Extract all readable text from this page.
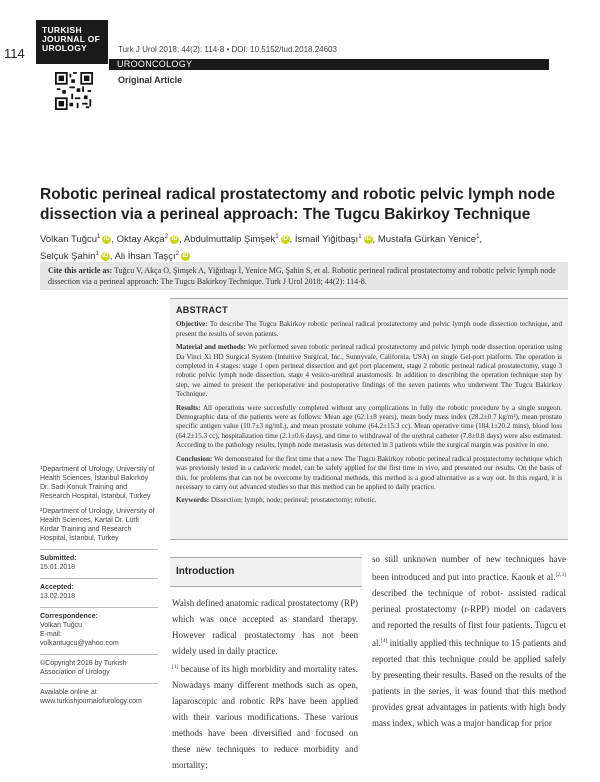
114
TURKISH
JOURNAL OF
UROLOGY	Turk J Urol 2018; 44(2): 114-8 • DOI: 10.5152/tud.2018.24603
UROONCOLOGY
Original Article
Robotic perineal radical prostatectomy and robotic pelvic lymph node dissection via a perineal approach: The Tugcu Bakirkoy Technique
Volkan Tuğcu$^1$ iD , Oktay Akça$^2$ iD , Abdulmuttalip Şimşek$^1$ iD , İsmail Yiğitbaşı$^1$ iD , Mustafa Gürkan Yenice$^1$,
Selçuk Şahin$^1$ iD , Ali İhsan Taşçı$^2$ iD
Cite this article as: Tuğcu V, Akça O, Şimşek A, Yiğitbaşı İ, Yenice MG, Şahin S, et al. Robotic perineal radical prostatectomy and robotic pelvic lymph node dissection via a perineal approach: The Tugcu Bakirkoy Technique. Turk J Urol 2018; 44(2): 114-8.
ABSTRACT

Objective: To describe The Tugcu Bakirkoy robotic perineal radical prostatectomy and pelvic lymph node dissection technique, and present the results of seven patients.

Material and methods: We performed seven robotic perineal radical prostatectomy and pelvic lymph node dissection operation using Da Vinci Xi HD Surgical System (Intuitive Surgical, Inc., Sunnyvale, California, USA) on single Gel-port platform. The operation is completed in 4 stages: stage 1 open perineal dissection and gel port placement, stage 2 robotic perineal radical prostatectomy, stage 3 robotic pelvic lymph node dissection, stage 4 vesico-urethral anastomosis. In addition to describing the operation technique step by step, we aimed to present the perioperative and postoperative findings of the seven patients who underwent The Tugcu Bakirkoy Technique.

Results: All operations were succesfully completed without any complications in fully the robotic procedure by a single surgeon. Demographic data of the patients were as follows: Mean age (62.1±8 years), mean body mass index (28.2±0.7 kg/m²), mean prostate specific antigen value (10.7±3 ng/mL), and mean prostate volume (64.2±15.3 cc). Mean operative time (184.1±20.2 mins), blood loss (64.2±15.3 cc), hospitalization time (2.1±0.6 days), and time to withdrawal of the urethral catheter (7.8±0.8 days) were also estimated. According to the pathology results, lymph node metastasis was detected in 3 patients while the surgical margin was positive in one.

Conclusion: We demonstrated for the first time that a new The Tugcu Bakirkoy robotic perineal radical prostatectomy technique which was previously tested in a cadaveric model, can be safely applied for the first time in vivo, and presented our results. On the basis of this, for problems that can not be overcome by traditional methods, this method is a good alternative as a way out. In this regard, it is necessary to carry out advanced studies so that this method can be applied to daily practice.

Keywords: Dissection; lymph; node; perineal; prostatectomy; robotic.

¹Department of Urology, University of Health Sciences, İstanbul Bakırköy Dr. Sadi Konuk Training and Research Hospital, İstanbul, Turkey
²Department of Urology, University of Health Sciences, Kartal Dr. Lütfi Kırdar Training and Research Hospital, İstanbul, Turkey
Submitted:
15.01.2018
Accepted:
13.02.2018
Correspondence:
Volkan Tuğcu
E-mail:
volkantugcu@yahoo.com
©Copyright 2018 by Turkish Association of Urology
Available online at
www.turkishjournalofurology.com
Introduction
Walsh defined anatomic radical prostatectomy (RP) which was once accepted as standard therapy. However radical prostatectomy has not been widely used in daily practice.
[1] because of its high morbidity and mortality rates. Nowadays many different methods such as open, laparoscopic and robotic RPs have been applied with their various modifications. These various methods have been diversified and focused on these new techniques to reduce morbidity and mortality;
so still unknown number of new techniques have been introduced and put into practice. Kaouk et al.[2,3] described the technique of robot- assisted radical perineal prostatectomy (r-RPP) model on cadavers and reported the results of first four patients. Tugcu et al.[4] initially applied this technique to 15 patients and reported that this technique could be applied safely by presenting their results. Based on the results of the patients in the series, it was found that this method provides great advantages in patients with high body mass index, which was a major handicap for prior
